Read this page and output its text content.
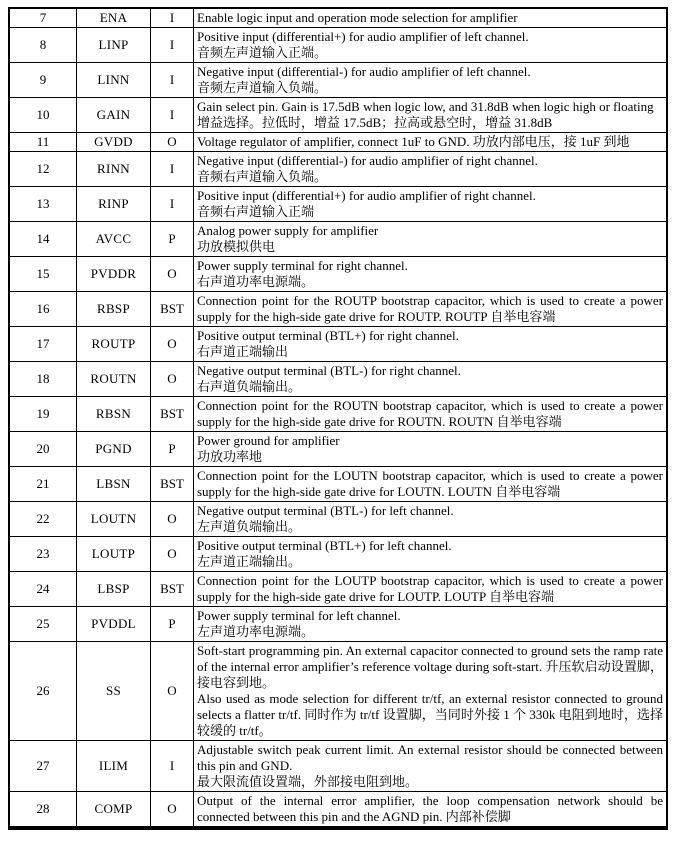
7	ENA	I	Enable logic input and operation mode selection for amplifier

8	LINP	I	Positive input (differential+) for audio amplifier of left channel.
音频左声道输入正端。

9	LINN	I	Negative input (differential-) for audio amplifier of left channel.
音频左声道输入负端。

10	GAIN	I	Gain select pin. Gain is 17.5dB when logic low, and 31.8dB when logic high or floating
增益选择。拉低时，增益 17.5dB；拉高或悬空时，增益 31.8dB

11	GVDD	O	Voltage regulator of amplifier, connect 1uF to GND. 功放内部电压，接 1uF 到地

12	RINN	I	Negative input (differential-) for audio amplifier of right channel.
音频右声道输入负端。

13	RINP	I	Positive input (differential+) for audio amplifier of right channel.
音频右声道输入正端

14	AVCC	P	Analog power supply for amplifier
功放模拟供电

15	PVDDR	O	Power supply terminal for right channel.
右声道功率电源端。

16	RBSP	BST	Connection point for the ROUTP bootstrap capacitor, which is used to create a power supply for the high-side gate drive for ROUTP. ROUTP 自举电容端

17	ROUTP	O	Positive output terminal (BTL+) for right channel.
右声道正端输出

18	ROUTN	O	Negative output terminal (BTL-) for right channel.
右声道负端输出。

19	RBSN	BST	Connection point for the ROUTN bootstrap capacitor, which is used to create a power supply for the high-side gate drive for ROUTN. ROUTN 自举电容端

20	PGND	P	Power ground for amplifier
功放功率地

21	LBSN	BST	Connection point for the LOUTN bootstrap capacitor, which is used to create a power supply for the high-side gate drive for LOUTN. LOUTN 自举电容端

22	LOUTN	O	Negative output terminal (BTL-) for left channel.
左声道负端输出。

23	LOUTP	O	Positive output terminal (BTL+) for left channel.
左声道正端输出。

24	LBSP	BST	Connection point for the LOUTP bootstrap capacitor, which is used to create a power supply for the high-side gate drive for LOUTP. LOUTP 自举电容端

25	PVDDL	P	Power supply terminal for left channel.
左声道功率电源端。

26	SS	O	Soft-start programming pin. An external capacitor connected to ground sets the ramp rate of the internal error amplifier’s reference voltage during soft-start. 升压软启动设置脚，接电容到地。
Also used as mode selection for different tr/tf, an external resistor connected to ground selects a flatter tr/tf. 同时作为 tr/tf 设置脚，当同时外接 1 个 330k 电阻到地时，选择较缓的 tr/tf。

27	ILIM	I	Adjustable switch peak current limit. An external resistor should be connected between this pin and GND.
最大限流值设置端，外部接电阻到地。

28	COMP	O	Output of the internal error amplifier, the loop compensation network should be connected between this pin and the AGND pin. 内部补偿脚
